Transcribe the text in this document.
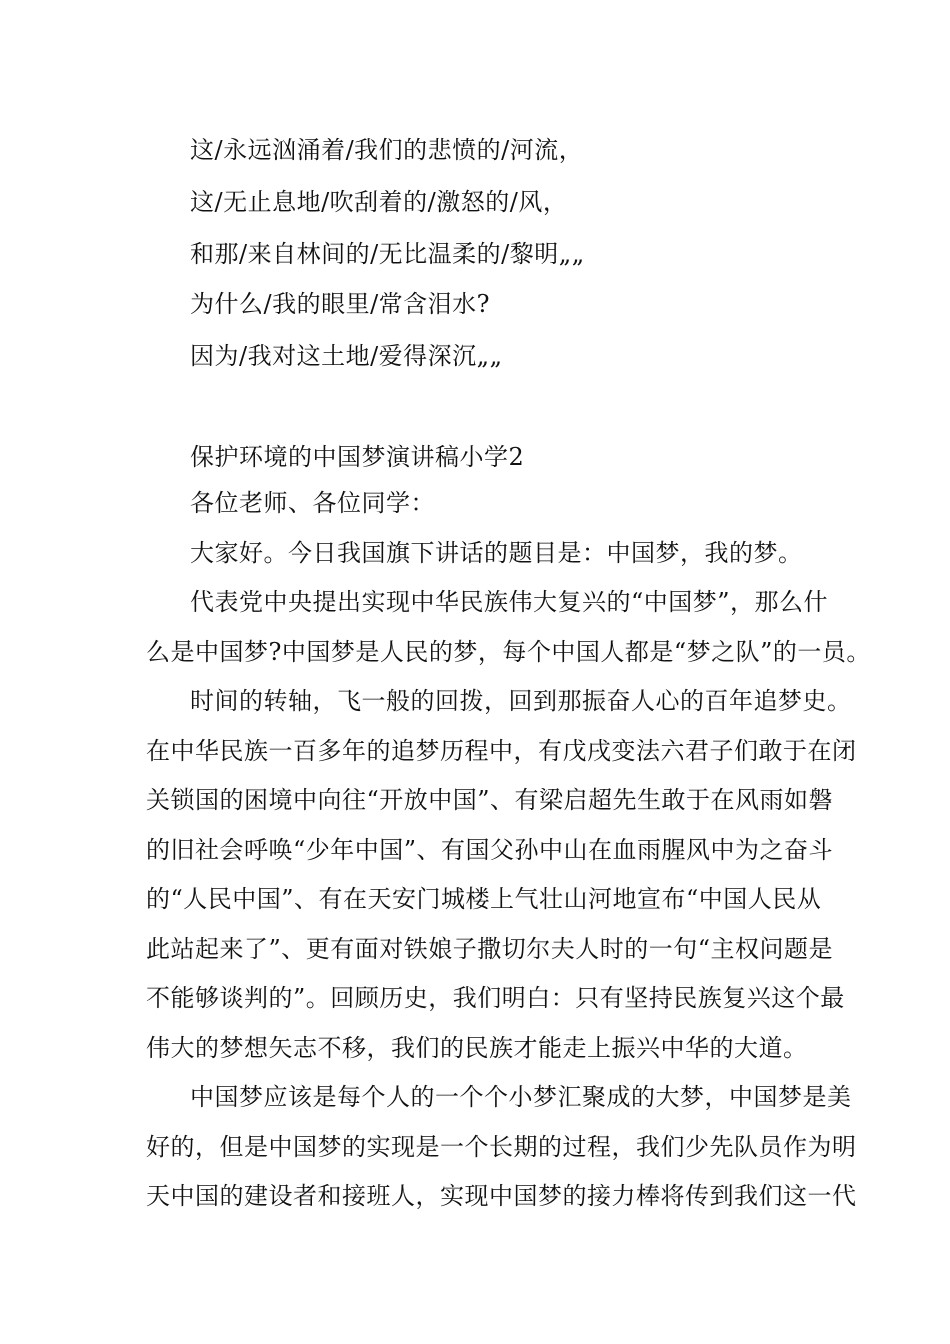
这/永远汹涌着/我们的悲愤的/河流，
这/无止息地/吹刮着的/激怒的/风，
和那/来自林间的/无比温柔的/黎明„„
为什么/我的眼里/常含泪水?
因为/我对这土地/爱得深沉„„
保护环境的中国梦演讲稿小学2
各位老师、各位同学：
大家好。今日我国旗下讲话的题目是：中国梦，我的梦。
代表党中央提出实现中华民族伟大复兴的“中国梦”，那么什
么是中国梦?中国梦是人民的梦，每个中国人都是“梦之队”的一员。
时间的转轴，飞一般的回拨，回到那振奋人心的百年追梦史。
在中华民族一百多年的追梦历程中，有戊戌变法六君子们敢于在闭
关锁国的困境中向往“开放中国”、有梁启超先生敢于在风雨如磐
的旧社会呼唤“少年中国”、有国父孙中山在血雨腥风中为之奋斗
的“人民中国”、有在天安门城楼上气壮山河地宣布“中国人民从
此站起来了”、更有面对铁娘子撒切尔夫人时的一句“主权问题是
不能够谈判的”。回顾历史，我们明白：只有坚持民族复兴这个最
伟大的梦想矢志不移，我们的民族才能走上振兴中华的大道。
中国梦应该是每个人的一个个小梦汇聚成的大梦，中国梦是美
好的，但是中国梦的实现是一个长期的过程，我们少先队员作为明
天中国的建设者和接班人，实现中国梦的接力棒将传到我们这一代
